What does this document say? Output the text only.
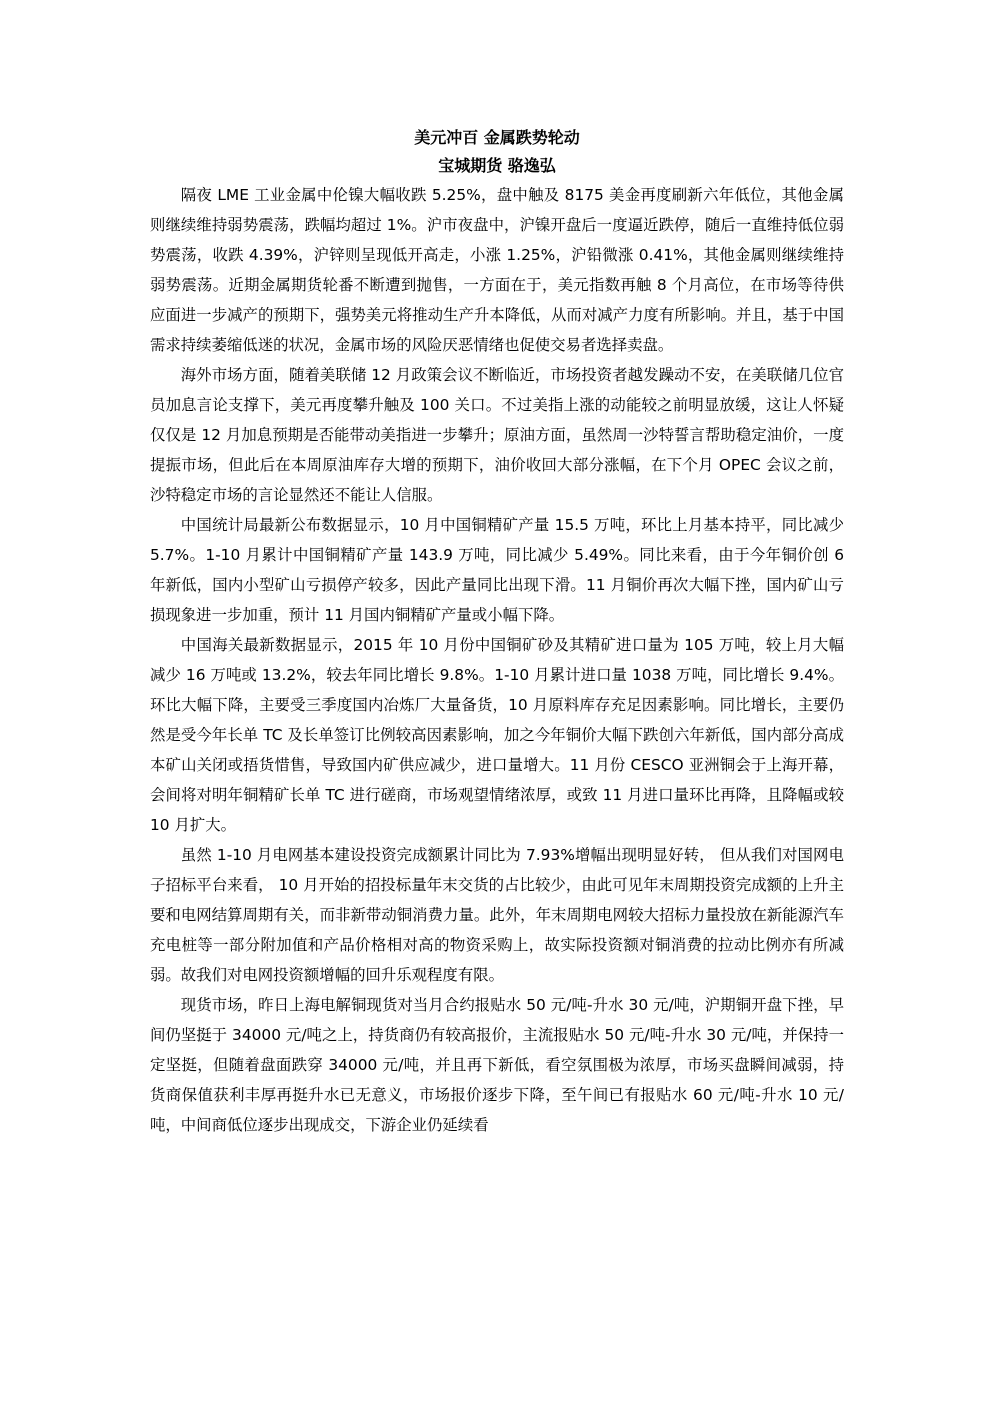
美元冲百 金属跌势轮动

宝城期货 骆逸弘

隔夜 LME 工业金属中伦镍大幅收跌 5.25%，盘中触及 8175 美金再度刷新六年低位，其他金属则继续维持弱势震荡，跌幅均超过 1%。沪市夜盘中，沪镍开盘后一度逼近跌停，随后一直维持低位弱势震荡，收跌 4.39%，沪锌则呈现低开高走，小涨 1.25%，沪铅微涨 0.41%，其他金属则继续维持弱势震荡。近期金属期货轮番不断遭到抛售，一方面在于，美元指数再触 8 个月高位，在市场等待供应面进一步减产的预期下，强势美元将推动生产升本降低，从而对减产力度有所影响。并且，基于中国需求持续萎缩低迷的状况，金属市场的风险厌恶情绪也促使交易者选择卖盘。

海外市场方面，随着美联储 12 月政策会议不断临近，市场投资者越发躁动不安，在美联储几位官员加息言论支撑下，美元再度攀升触及 100 关口。不过美指上涨的动能较之前明显放缓，这让人怀疑仅仅是 12 月加息预期是否能带动美指进一步攀升；原油方面，虽然周一沙特誓言帮助稳定油价，一度提振市场，但此后在本周原油库存大增的预期下，油价收回大部分涨幅，在下个月 OPEC 会议之前，沙特稳定市场的言论显然还不能让人信服。

中国统计局最新公布数据显示，10 月中国铜精矿产量 15.5 万吨，环比上月基本持平，同比减少 5.7%。1-10 月累计中国铜精矿产量 143.9 万吨，同比减少 5.49%。同比来看，由于今年铜价创 6 年新低，国内小型矿山亏损停产较多，因此产量同比出现下滑。11 月铜价再次大幅下挫，国内矿山亏损现象进一步加重，预计 11 月国内铜精矿产量或小幅下降。

中国海关最新数据显示，2015 年 10 月份中国铜矿砂及其精矿进口量为 105 万吨，较上月大幅减少 16 万吨或 13.2%，较去年同比增长 9.8%。1-10 月累计进口量 1038 万吨，同比增长 9.4%。环比大幅下降，主要受三季度国内冶炼厂大量备货，10 月原料库存充足因素影响。同比增长，主要仍然是受今年长单 TC 及长单签订比例较高因素影响，加之今年铜价大幅下跌创六年新低，国内部分高成本矿山关闭或捂货惜售，导致国内矿供应减少，进口量增大。11 月份 CESCO 亚洲铜会于上海开幕，会间将对明年铜精矿长单 TC 进行磋商，市场观望情绪浓厚，或致 11 月进口量环比再降，且降幅或较 10 月扩大。

虽然 1-10 月电网基本建设投资完成额累计同比为 7.93%增幅出现明显好转， 但从我们对国网电子招标平台来看， 10 月开始的招投标量年末交货的占比较少，由此可见年末周期投资完成额的上升主要和电网结算周期有关，而非新带动铜消费力量。此外，年末周期电网较大招标力量投放在新能源汽车充电桩等一部分附加值和产品价格相对高的物资采购上，故实际投资额对铜消费的拉动比例亦有所减弱。故我们对电网投资额增幅的回升乐观程度有限。

现货市场，昨日上海电解铜现货对当月合约报贴水 50 元/吨-升水 30 元/吨，沪期铜开盘下挫，早间仍坚挺于 34000 元/吨之上，持货商仍有较高报价，主流报贴水 50 元/吨-升水 30 元/吨，并保持一定坚挺，但随着盘面跌穿 34000 元/吨，并且再下新低，看空氛围极为浓厚，市场买盘瞬间减弱，持货商保值获利丰厚再挺升水已无意义，市场报价逐步下降，至午间已有报贴水 60 元/吨-升水 10 元/吨，中间商低位逐步出现成交，下游企业仍延续看
